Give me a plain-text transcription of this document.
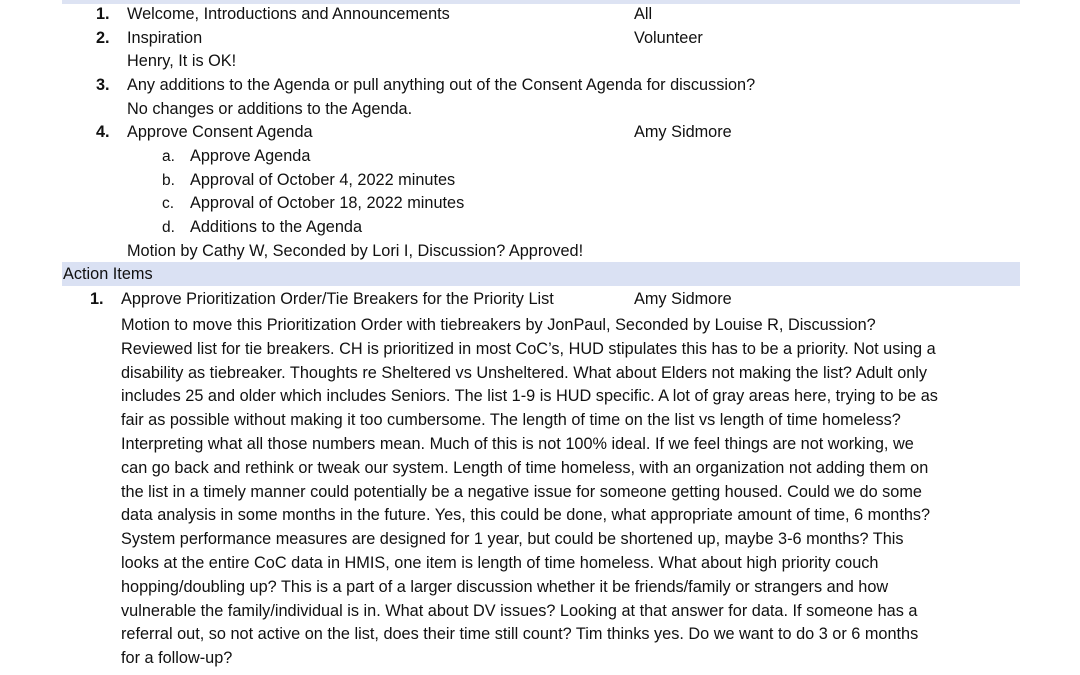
1. Welcome, Introductions and Announcements	All
2. Inspiration	Volunteer
Henry, It is OK!
3. Any additions to the Agenda or pull anything out of the Consent Agenda for discussion?
No changes or additions to the Agenda.
4. Approve Consent Agenda	Amy Sidmore
a. Approve Agenda
b. Approval of October 4, 2022 minutes
c. Approval of October 18, 2022 minutes
d. Additions to the Agenda
Motion by Cathy W, Seconded by Lori I, Discussion? Approved!
Action Items
1. Approve Prioritization Order/Tie Breakers for the Priority List	Amy Sidmore

Motion to move this Prioritization Order with tiebreakers by JonPaul, Seconded by Louise R, Discussion?

Reviewed list for tie breakers. CH is prioritized in most CoC’s, HUD stipulates this has to be a priority. Not using a

disability as tiebreaker. Thoughts re Sheltered vs Unsheltered. What about Elders not making the list? Adult only

includes 25 and older which includes Seniors. The list 1-9 is HUD specific. A lot of gray areas here, trying to be as

fair as possible without making it too cumbersome. The length of time on the list vs length of time homeless?

Interpreting what all those numbers mean. Much of this is not 100% ideal. If we feel things are not working, we

can go back and rethink or tweak our system. Length of time homeless, with an organization not adding them on

the list in a timely manner could potentially be a negative issue for someone getting housed. Could we do some

data analysis in some months in the future. Yes, this could be done, what appropriate amount of time, 6 months?

System performance measures are designed for 1 year, but could be shortened up, maybe 3-6 months? This

looks at the entire CoC data in HMIS, one item is length of time homeless. What about high priority couch

hopping/doubling up? This is a part of a larger discussion whether it be friends/family or strangers and how

vulnerable the family/individual is in. What about DV issues? Looking at that answer for data. If someone has a

referral out, so not active on the list, does their time still count? Tim thinks yes. Do we want to do 3 or 6 months

for a follow-up?
